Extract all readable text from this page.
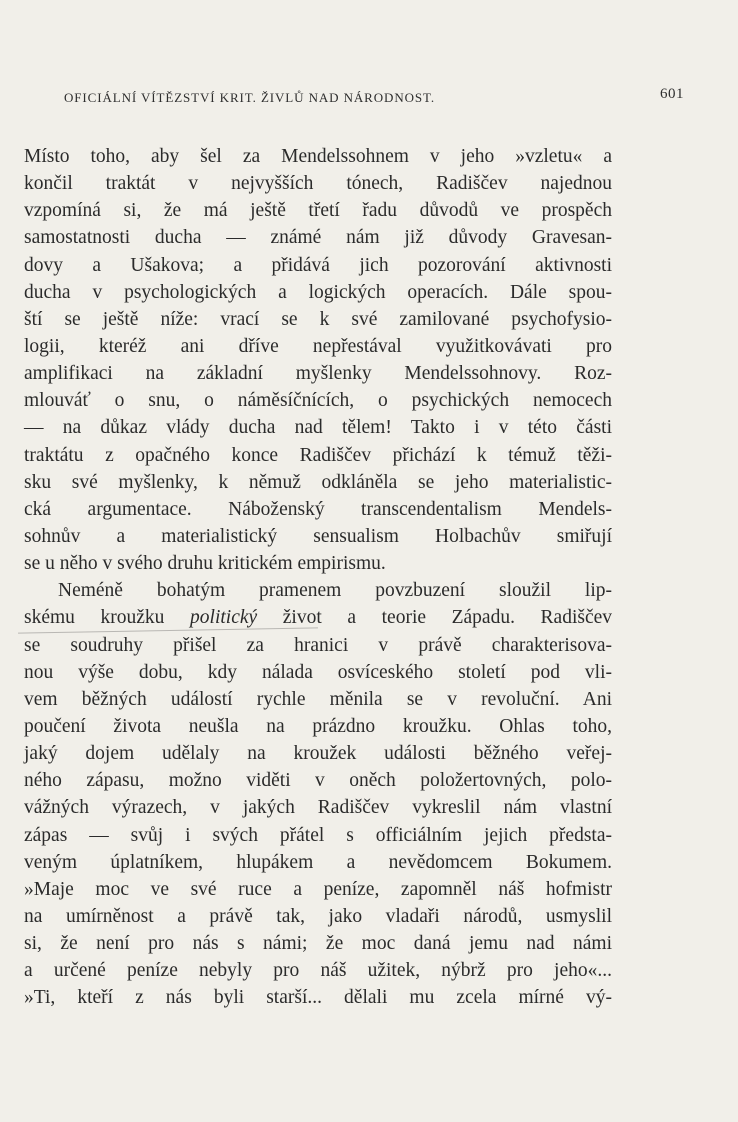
OFICIÁLNÍ VÍTĚZSTVÍ KRIT. ŽIVLŮ NAD NÁRODNOST.	601
Místo toho, aby šel za Mendelssohnem v jeho »vzletu« a
končil traktát v nejvyšších tónech, Radiščev najednou
vzpomíná si, že má ještě třetí řadu důvodů ve prospěch
samostatnosti ducha — známé nám již důvody Gravesan-
dovy a Ušakova; a přidává jich pozorování aktivnosti
ducha v psychologických a logických operacích. Dále spou-
ští se ještě níže: vrací se k své zamilované psychofysio-
logii, kteréž ani dříve nepřestával využitkovávati pro
amplifikaci na základní myšlenky Mendelssohnovy. Roz-
mlouváť o snu, o náměsíčnících, o psychických nemocech
— na důkaz vlády ducha nad tělem! Takto i v této části
traktátu z opačného konce Radiščev přichází k témuž těži-
sku své myšlenky, k němuž odkláněla se jeho materialistic-
cká argumentace. Náboženský transcendentalism Mendels-
sohnův a materialistický sensualism Holbachův smiřují
se u něho v svého druhu kritickém empirismu.
Neméně bohatým pramenem povzbuzení sloužil lip-
skému kroužku politický život a teorie Západu. Radiščev
se soudruhy přišel za hranici v právě charakterisova-
nou výše dobu, kdy nálada osvíceského století pod vli-
vem běžných událostí rychle měnila se v revoluční. Ani
poučení života neušla na prázdno kroužku. Ohlas toho,
jaký dojem udělaly na kroužek události běžného veřej-
ného zápasu, možno viděti v oněch položertovných, polo-
vážných výrazech, v jakých Radiščev vykreslil nám vlastní
zápas — svůj i svých přátel s officiálním jejich předsta-
veným úplatníkem, hlupákem a nevědomcem Bokumem.
»Maje moc ve své ruce a peníze, zapomněl náš hofmistr
na umírněnost a právě tak, jako vladaři národů, usmyslil
si, že není pro nás s námi; že moc daná jemu nad námi
a určené peníze nebyly pro náš užitek, nýbrž pro jeho«...
»Ti, kteří z nás byli starší... dělali mu zcela mírné vý-
